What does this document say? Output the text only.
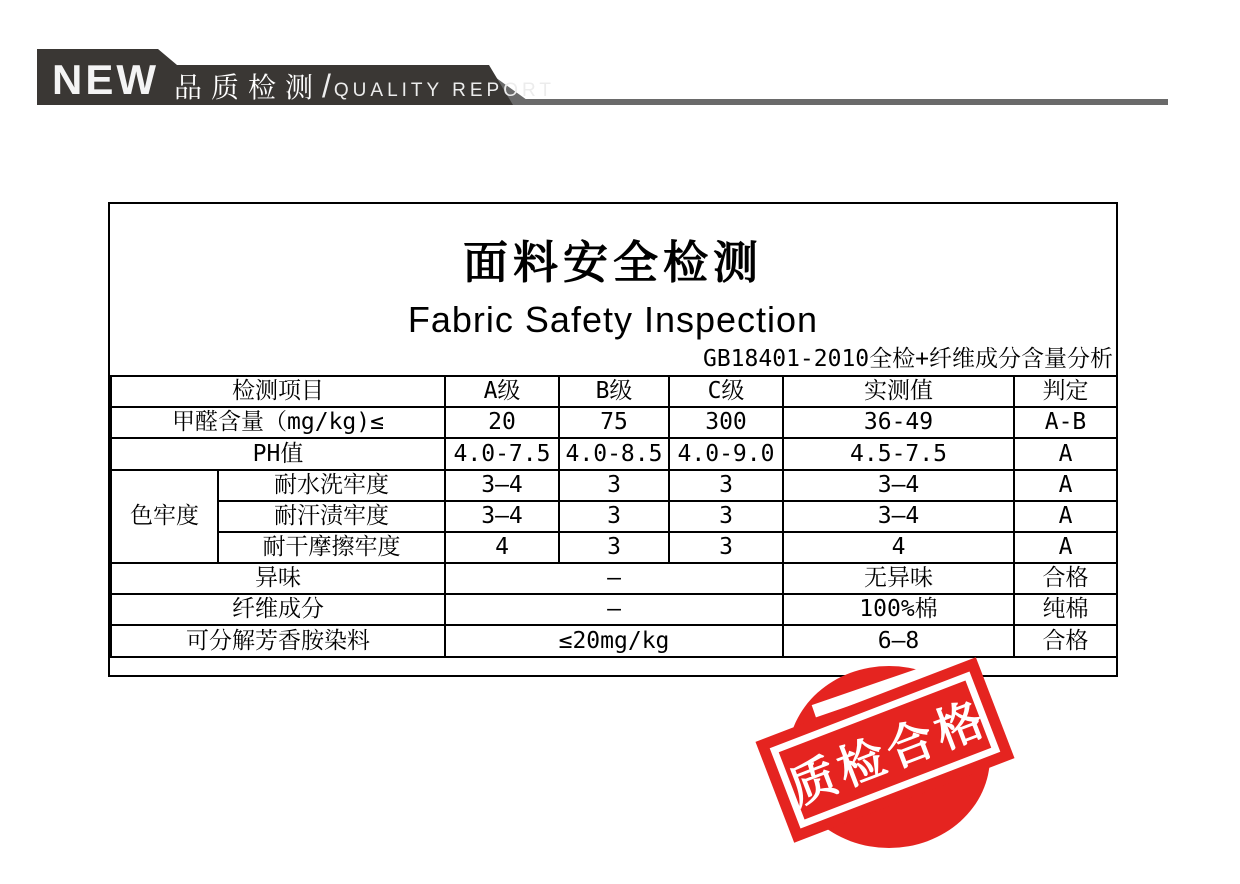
NEW 品质检测 / QUALITY REPORT
面料安全检测
Fabric Safety Inspection
GB18401-2010全检+纤维成分含量分析
检测项目		A级	B级	C级	实测值	判定
甲醛含量（mg/kg)≤		20	75	300	36-49	A-B
PH值		4.0-7.5	4.0-8.5	4.0-9.0	4.5-7.5	A
色牢度	耐水洗牢度	3—4	3	3	3—4	A
	耐汗渍牢度	3—4	3	3	3—4	A
	耐干摩擦牢度	4	3	3	4	A
异味		—			无异味	合格
纤维成分		—			100%棉	纯棉
可分解芳香胺染料		≤20mg/kg			6—8	合格
质检合格
